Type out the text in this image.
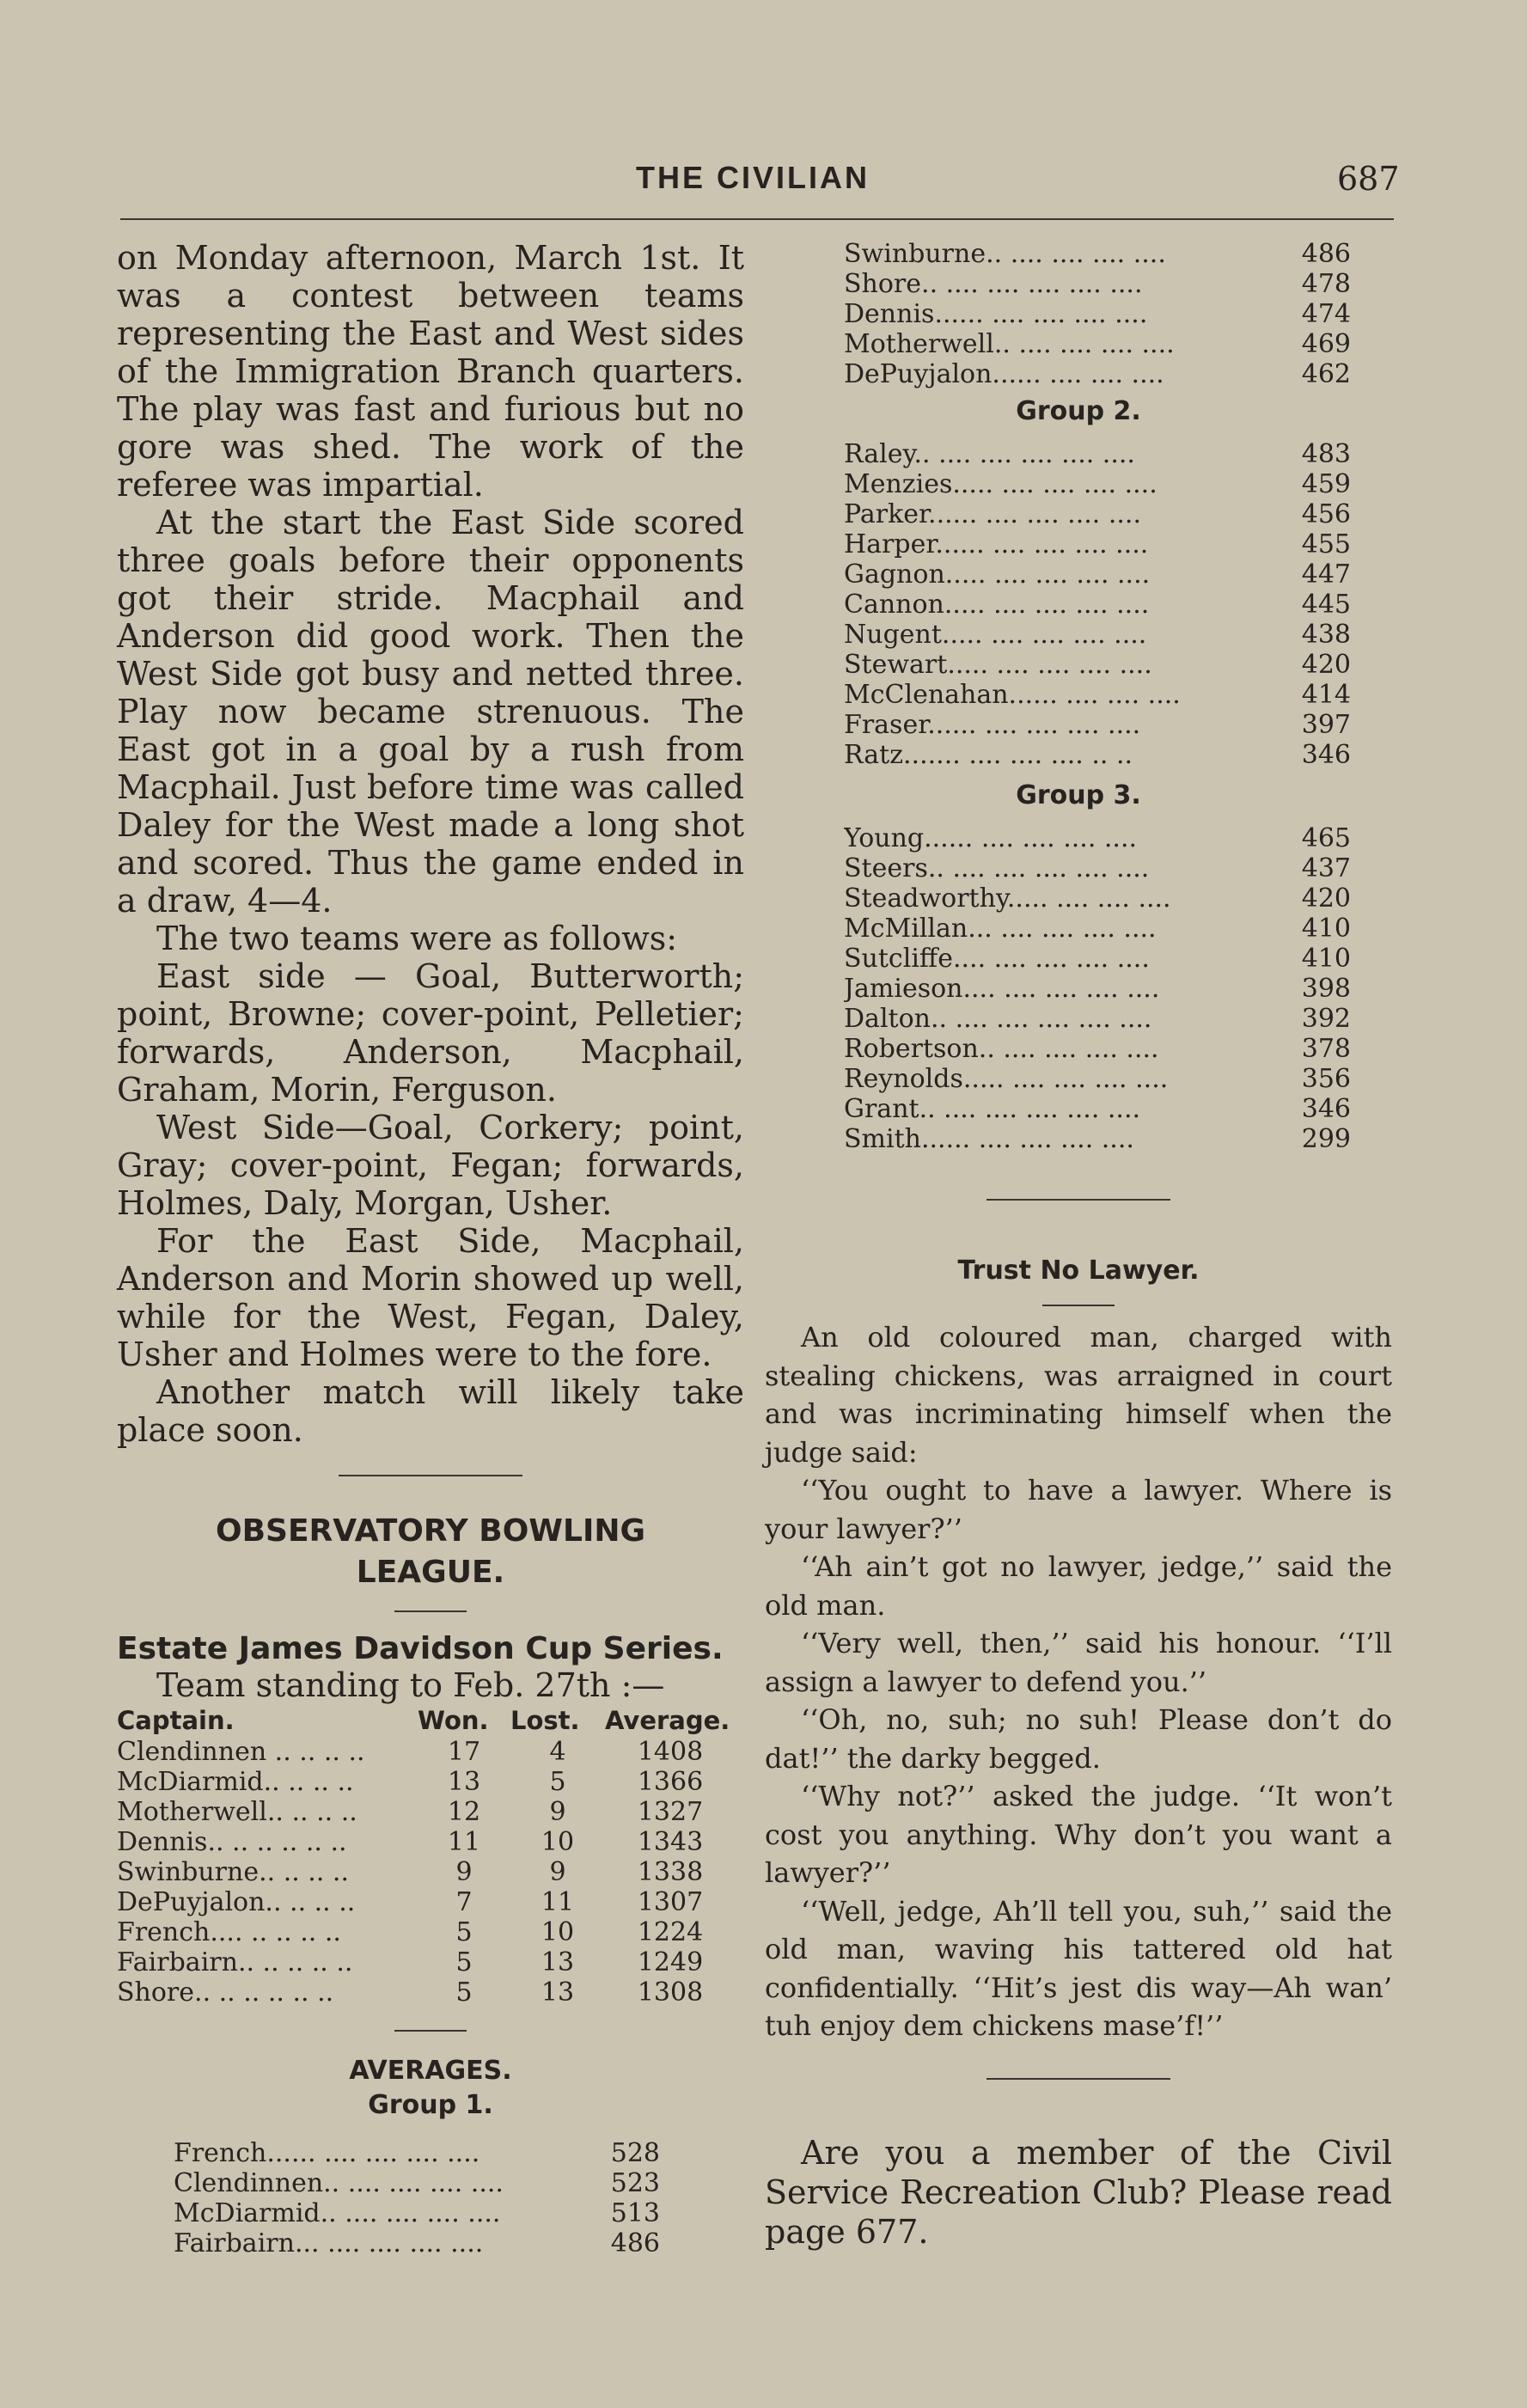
THE CIVILIAN	687

on Monday afternoon, March 1st. It was a contest between teams representing the East and West sides of the Immigration Branch quarters. The play was fast and furious but no gore was shed. The work of the referee was impartial.

At the start the East Side scored three goals before their opponents got their stride. Macphail and Anderson did good work. Then the West Side got busy and netted three. Play now became strenuous. The East got in a goal by a rush from Macphail. Just before time was called Daley for the West made a long shot and scored. Thus the game ended in a draw, 4—4.

The two teams were as follows:

East side — Goal, Butterworth; point, Browne; cover-point, Pelletier; forwards, Anderson, Macphail, Graham, Morin, Ferguson.

West Side—Goal, Corkery; point, Gray; cover-point, Fegan; forwards, Holmes, Daly, Morgan, Usher.

For the East Side, Macphail, Anderson and Morin showed up well, while for the West, Fegan, Daley, Usher and Holmes were to the fore.

Another match will likely take place soon.

OBSERVATORY BOWLING

LEAGUE.

Estate James Davidson Cup Series.

Team standing to Feb. 27th :—

Captain.	Won.	Lost.	Average.
Clendinnen .. .. .. ..	17	4	1408
McDiarmid.. .. .. ..	13	5	1366
Motherwell.. .. .. ..	12	9	1327
Dennis.. .. .. .. .. ..	11	10	1343
Swinburne.. .. .. ..	9	9	1338
DePuyjalon.. .. .. ..	7	11	1307
French.... .. .. .. ..	5	10	1224
Fairbairn.. .. .. .. ..	5	13	1249
Shore.. .. .. .. .. ..	5	13	1308

AVERAGES.

Group 1.

French...... .... .... .... ....	528
Clendinnen.. .... .... .... ....	523
McDiarmid.. .... .... .... ....	513
Fairbairn... .... .... .... ....	486
Swinburne.. .... .... .... ....	486
Shore.. .... .... .... .... ....	478
Dennis...... .... .... .... ....	474
Motherwell.. .... .... .... ....	469
DePuyjalon...... .... .... ....	462

Group 2.

Raley.. .... .... .... .... ....	483
Menzies..... .... .... .... ....	459
Parker...... .... .... .... ....	456
Harper...... .... .... .... ....	455
Gagnon..... .... .... .... ....	447
Cannon..... .... .... .... ....	445
Nugent..... .... .... .... ....	438
Stewart..... .... .... .... ....	420
McClenahan...... .... .... ....	414
Fraser...... .... .... .... ....	397
Ratz....... .... .... .... .. ..	346

Group 3.

Young...... .... .... .... ....	465
Steers.. .... .... .... .... ....	437
Steadworthy..... .... .... ....	420
McMillan... .... .... .... ....	410
Sutcliffe.... .... .... .... ....	410
Jamieson.... .... .... .... ....	398
Dalton.. .... .... .... .... ....	392
Robertson.. .... .... .... ....	378
Reynolds..... .... .... .... ....	356
Grant.. .... .... .... .... ....	346
Smith...... .... .... .... ....	299

Trust No Lawyer.

An old coloured man, charged with stealing chickens, was arraigned in court and was incriminating himself when the judge said:

‘‘You ought to have a lawyer. Where is your lawyer?’’

‘‘Ah ain’t got no lawyer, jedge,’’ said the old man.

‘‘Very well, then,’’ said his honour. ‘‘I’ll assign a lawyer to defend you.’’

‘‘Oh, no, suh; no suh! Please don’t do dat!’’ the darky begged.

‘‘Why not?’’ asked the judge. ‘‘It won’t cost you anything. Why don’t you want a lawyer?’’

‘‘Well, jedge, Ah’ll tell you, suh,’’ said the old man, waving his tattered old hat confidentially. ‘‘Hit’s jest dis way—Ah wan’ tuh enjoy dem chickens mase’f!’’

Are you a member of the Civil Service Recreation Club? Please read page 677.
